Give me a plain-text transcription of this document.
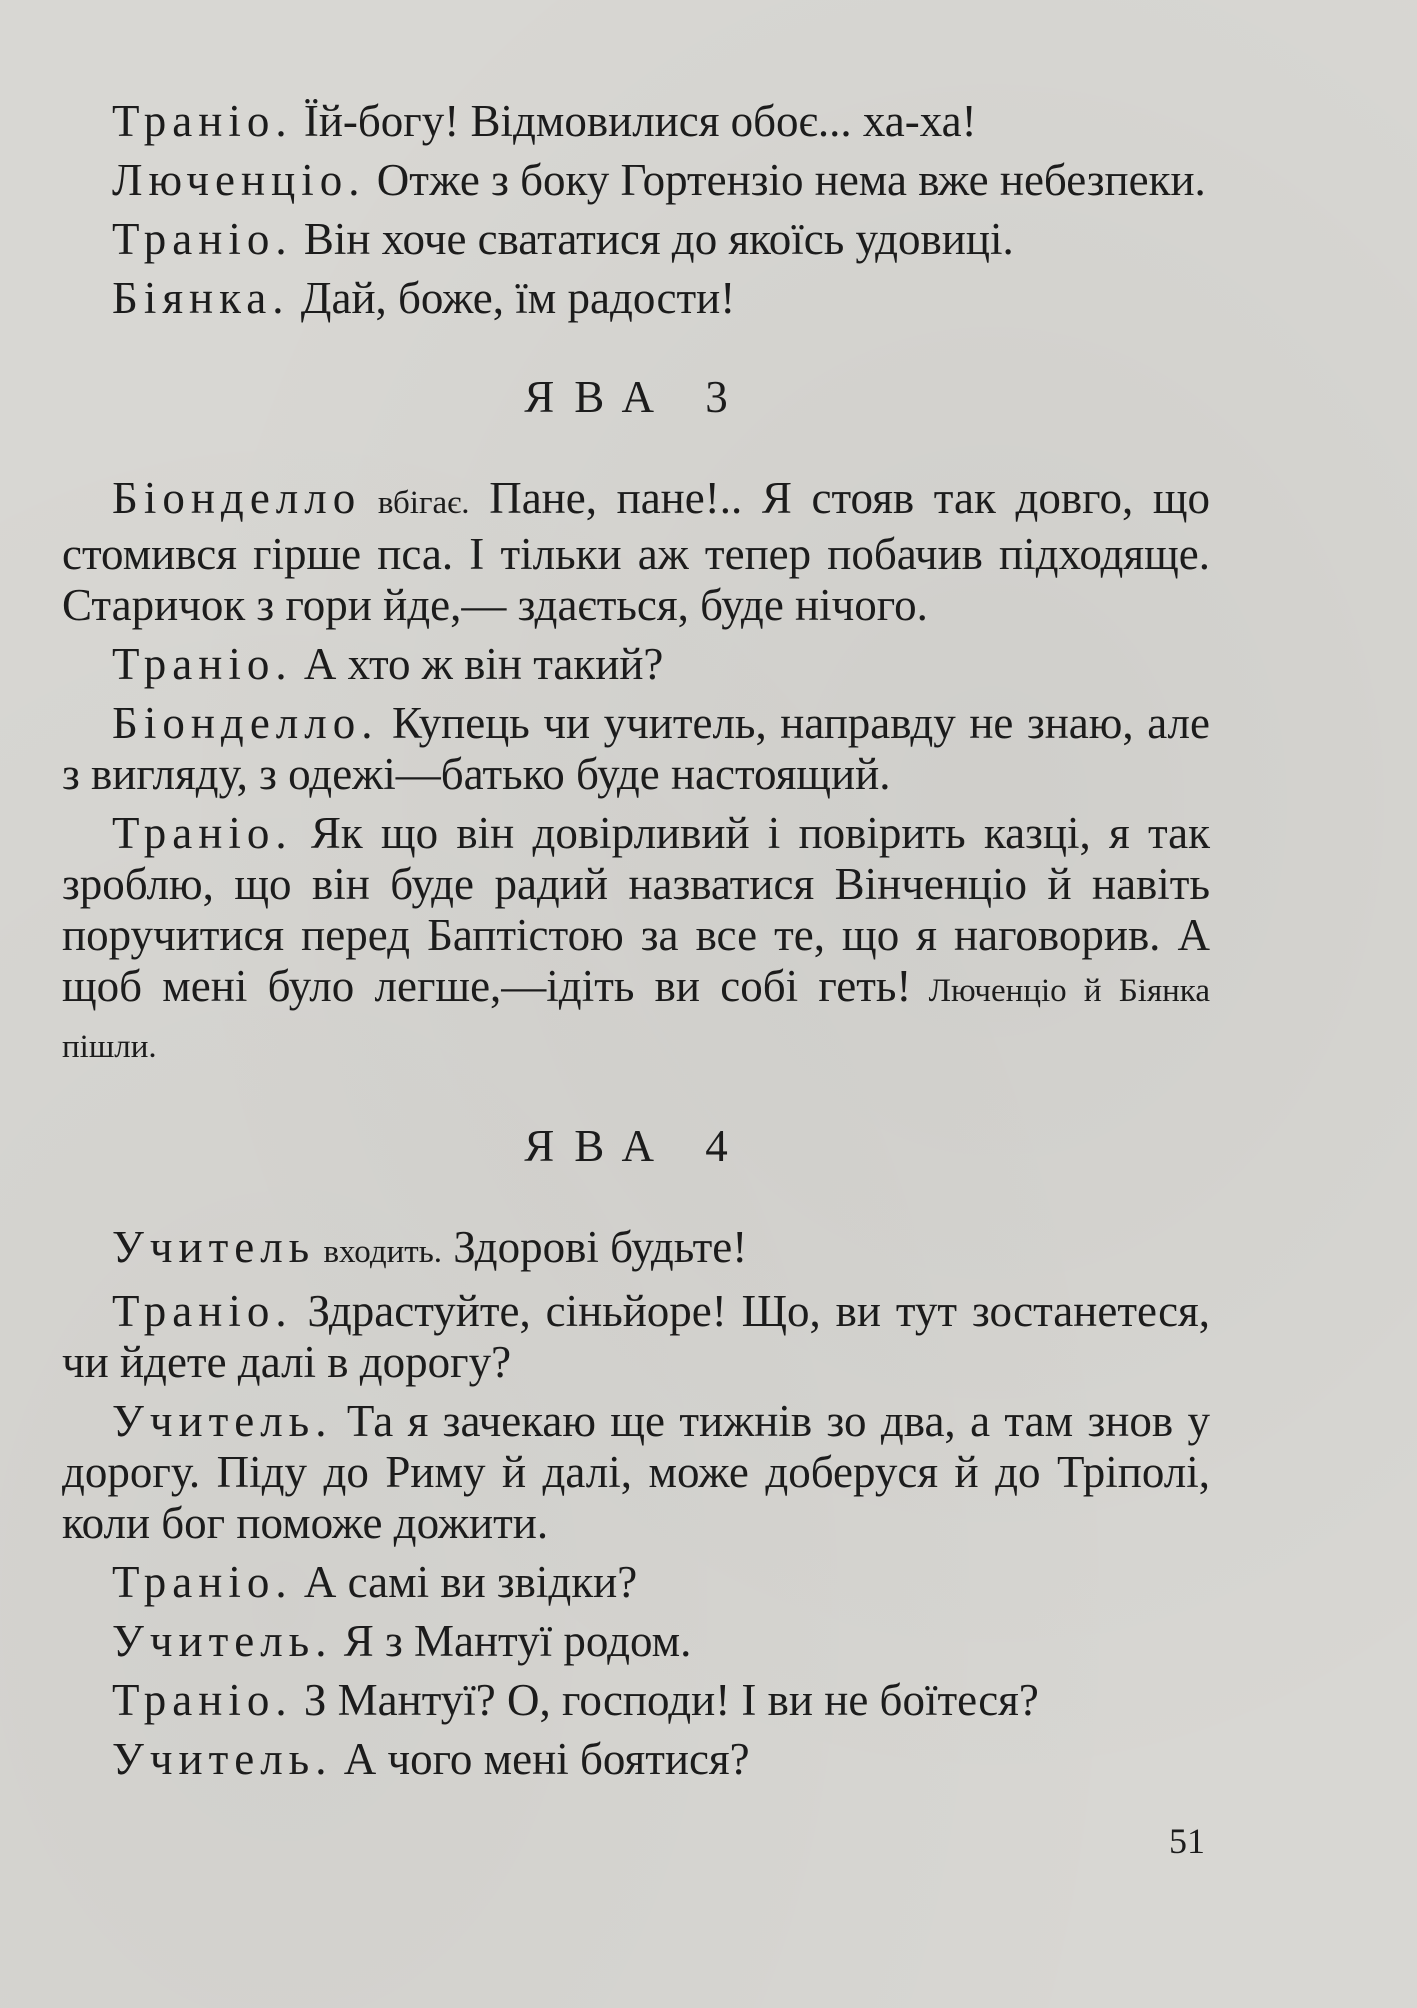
Траніо. Їй-богу! Відмовилися обоє... ха-ха!

Люченціо. Отже з боку Гортензіо нема вже небезпеки.

Траніо. Він хоче свататися до якоїсь удовиці.

Біянка. Дай, боже, їм радости!

ЯВА 3

Біонделло вбігає. Пане, пане!.. Я стояв так довго, що стомився гірше пса. І тільки аж тепер побачив підходяще. Старичок з гори йде,— здається, буде нічого.

Траніо. А хто ж він такий?

Біонделло. Купець чи учитель, направду не знаю, але з вигляду, з одежі—батько буде настоящий.

Траніо. Як що він довірливий і повірить казці, я так зроблю, що він буде радий назватися Вінченціо й навіть поручитися перед Баптістою за все те, що я наговорив. А щоб мені було легше,—ідіть ви собі геть! Люченціо й Біянка пішли.

ЯВА 4

Учитель входить. Здорові будьте!

Траніо. Здрастуйте, сіньйоре! Що, ви тут зостанетеся, чи йдете далі в дорогу?

Учитель. Та я зачекаю ще тижнів зо два, а там знов у дорогу. Піду до Риму й далі, може доберуся й до Тріполі, коли бог поможе дожити.

Траніо. А самі ви звідки?

Учитель. Я з Мантуї родом.

Траніо. З Мантуї? О, господи! І ви не боїтеся?

Учитель. А чого мені боятися?

51
